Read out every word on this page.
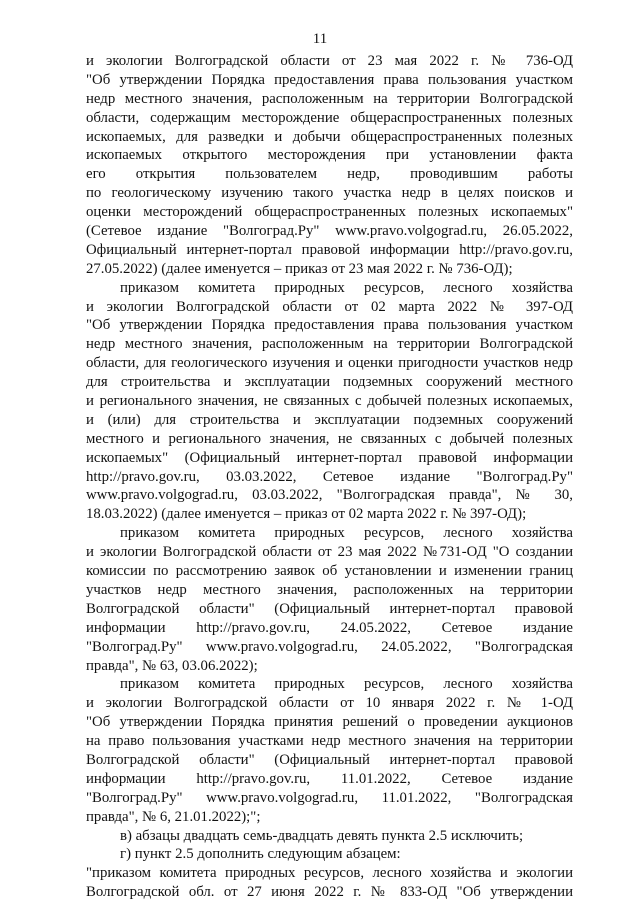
11
и экологии Волгоградской области от 23 мая 2022 г. № 736-ОД
"Об утверждении Порядка предоставления права пользования участком
недр местного значения, расположенным на территории Волгоградской
области, содержащим месторождение общераспространенных полезных
ископаемых, для разведки и добычи общераспространенных полезных
ископаемых открытого месторождения при установлении факта
его открытия пользователем недр, проводившим работы
по геологическому изучению такого участка недр в целях поисков и
оценки месторождений общераспространенных полезных ископаемых"
(Сетевое издание "Волгоград.Ру" www.pravo.volgograd.ru, 26.05.2022,
Официальный интернет-портал правовой информации http://pravo.gov.ru,
27.05.2022) (далее именуется – приказ от 23 мая 2022 г. № 736-ОД);
приказом комитета природных ресурсов, лесного хозяйства
и экологии Волгоградской области от 02 марта 2022 № 397-ОД
"Об утверждении Порядка предоставления права пользования участком
недр местного значения, расположенным на территории Волгоградской
области, для геологического изучения и оценки пригодности участков недр
для строительства и эксплуатации подземных сооружений местного
и регионального значения, не связанных с добычей полезных ископаемых,
и (или) для строительства и эксплуатации подземных сооружений
местного и регионального значения, не связанных с добычей полезных
ископаемых" (Официальный интернет-портал правовой информации
http://pravo.gov.ru, 03.03.2022, Сетевое издание "Волгоград.Ру"
www.pravo.volgograd.ru, 03.03.2022, "Волгоградская правда", № 30,
18.03.2022) (далее именуется – приказ от 02 марта 2022 г. № 397-ОД);
приказом комитета природных ресурсов, лесного хозяйства
и экологии Волгоградской области от 23 мая 2022 №731-ОД "О создании
комиссии по рассмотрению заявок об установлении и изменении границ
участков недр местного значения, расположенных на территории
Волгоградской области" (Официальный интернет-портал правовой
информации http://pravo.gov.ru, 24.05.2022, Сетевое издание
"Волгоград.Ру" www.pravo.volgograd.ru, 24.05.2022, "Волгоградская
правда", № 63, 03.06.2022);
приказом комитета природных ресурсов, лесного хозяйства
и экологии Волгоградской области от 10 января 2022 г. № 1-ОД
"Об утверждении Порядка принятия решений о проведении аукционов
на право пользования участками недр местного значения на территории
Волгоградской области" (Официальный интернет-портал правовой
информации http://pravo.gov.ru, 11.01.2022, Сетевое издание
"Волгоград.Ру" www.pravo.volgograd.ru, 11.01.2022, "Волгоградская
правда", № 6, 21.01.2022);";
в) абзацы двадцать семь-двадцать девять пункта 2.5 исключить;
г) пункт 2.5 дополнить следующим абзацем:
"приказом комитета природных ресурсов, лесного хозяйства и экологии
Волгоградской обл. от 27 июня 2022 г. № 833-ОД "Об утверждении
